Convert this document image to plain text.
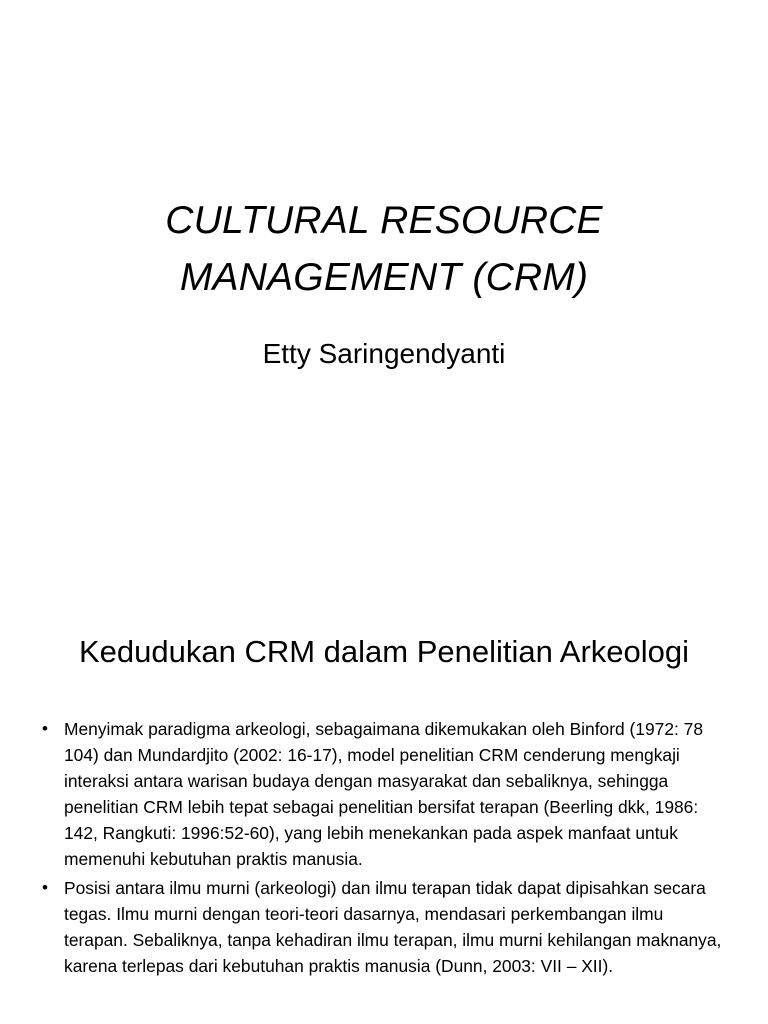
CULTURAL RESOURCE
MANAGEMENT (CRM)
Etty Saringendyanti
Kedudukan CRM dalam Penelitian Arkeologi
• Menyimak paradigma arkeologi, sebagaimana dikemukakan oleh Binford (1972: 78 104) dan Mundardjito (2002: 16-17), model penelitian CRM cenderung mengkaji interaksi antara warisan budaya dengan masyarakat dan sebaliknya, sehingga penelitian CRM lebih tepat sebagai penelitian bersifat terapan (Beerling dkk, 1986: 142, Rangkuti: 1996:52-60), yang lebih menekankan pada aspek manfaat untuk memenuhi kebutuhan praktis manusia.
• Posisi antara ilmu murni (arkeologi) dan ilmu terapan tidak dapat dipisahkan secara tegas. Ilmu murni dengan teori-teori dasarnya, mendasari perkembangan ilmu terapan. Sebaliknya, tanpa kehadiran ilmu terapan, ilmu murni kehilangan maknanya, karena terlepas dari kebutuhan praktis manusia (Dunn, 2003: VII – XII).
